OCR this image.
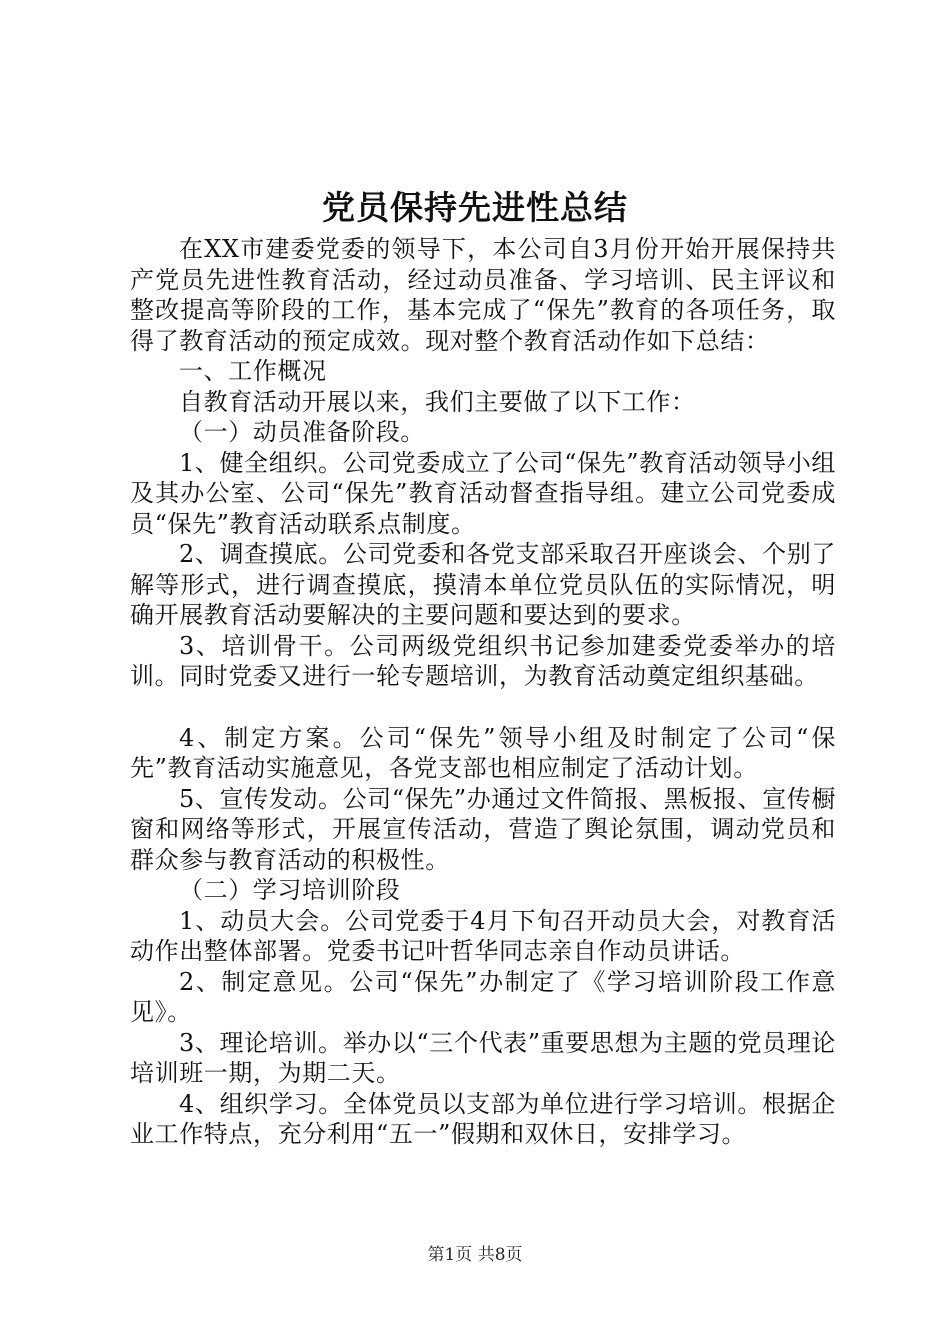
党员保持先进性总结

在XX市建委党委的领导下，本公司自3月份开始开展保持共产党员先进性教育活动，经过动员准备、学习培训、民主评议和整改提高等阶段的工作，基本完成了“保先”教育的各项任务，取得了教育活动的预定成效。现对整个教育活动作如下总结：

一、工作概况

自教育活动开展以来，我们主要做了以下工作：

（一）动员准备阶段。

1、健全组织。公司党委成立了公司“保先”教育活动领导小组及其办公室、公司“保先”教育活动督查指导组。建立公司党委成员“保先”教育活动联系点制度。

2、调查摸底。公司党委和各党支部采取召开座谈会、个别了解等形式，进行调查摸底，摸清本单位党员队伍的实际情况，明确开展教育活动要解决的主要问题和要达到的要求。

3、培训骨干。公司两级党组织书记参加建委党委举办的培训。同时党委又进行一轮专题培训，为教育活动奠定组织基础。

4、制定方案。公司“保先”领导小组及时制定了公司“保先”教育活动实施意见，各党支部也相应制定了活动计划。

5、宣传发动。公司“保先”办通过文件简报、黑板报、宣传橱窗和网络等形式，开展宣传活动，营造了舆论氛围，调动党员和群众参与教育活动的积极性。

（二）学习培训阶段

1、动员大会。公司党委于4月下旬召开动员大会，对教育活动作出整体部署。党委书记叶哲华同志亲自作动员讲话。

2、制定意见。公司“保先”办制定了《学习培训阶段工作意见》。

3、理论培训。举办以“三个代表”重要思想为主题的党员理论培训班一期，为期二天。

4、组织学习。全体党员以支部为单位进行学习培训。根据企业工作特点，充分利用“五一”假期和双休日，安排学习。

第1页 共8页
